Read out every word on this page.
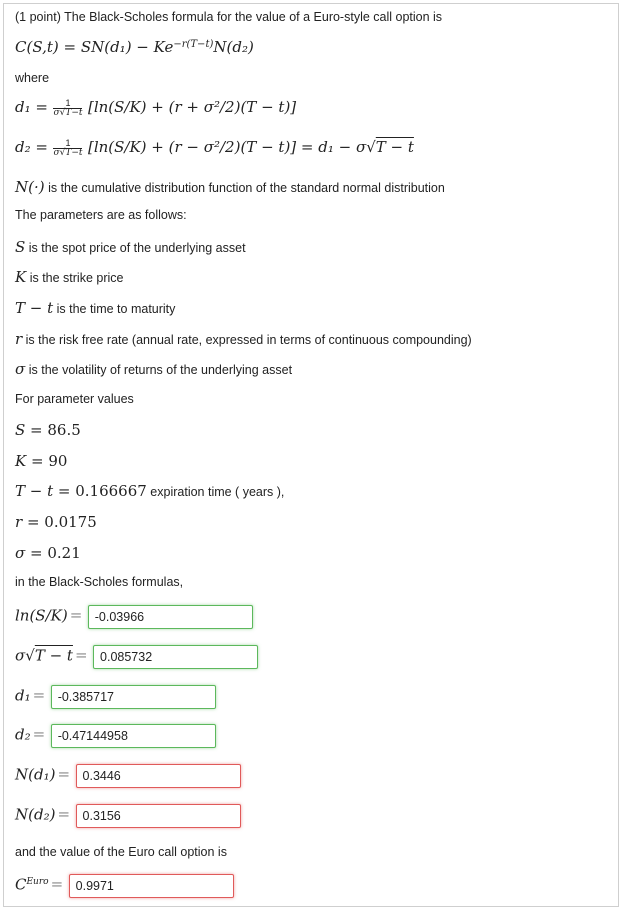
(1 point) The Black-Scholes formula for the value of a Euro-style call option is
$C(S,t) = SN(d_1) - Ke^{-r(T-t)}N(d_2)$
where
$d_1 = \frac{1}{\sigma√T-t} [\ln(S/K) + (r + \sigma^2/2)(T - t)]$
$d_2 = \frac{1}{\sigma√T-t} [\ln(S/K) + (r - \sigma^2/2)(T - t)] = d_1 - \sigma√T - t$
N(·) is the cumulative distribution function of the standard normal distribution
The parameters are as follows:
S is the spot price of the underlying asset
K is the strike price
T − t is the time to maturity
r is the risk free rate (annual rate, expressed in terms of continuous compounding)
σ is the volatility of returns of the underlying asset
For parameter values
S = 86.5
K = 90
T − t = 0.166667 expiration time ( years ),
r = 0.0175
σ = 0.21
in the Black-Scholes formulas,
ln(S/K) = -0.03966
σ√T − t = 0.085732
d₁ = -0.385717
d₂ = -0.47144958
N(d₁) = 0.3446
N(d₂) = 0.3156
and the value of the Euro call option is
$C^{Euro} = 0.9971$
